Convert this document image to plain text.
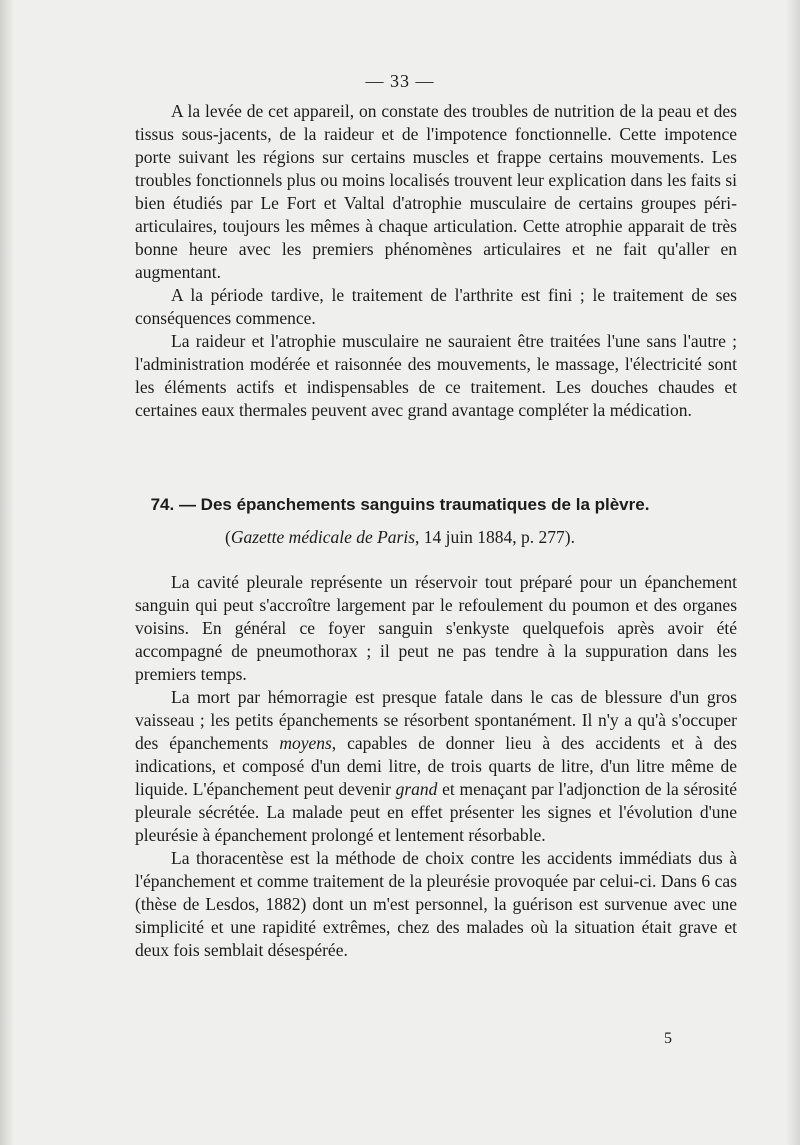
— 33 —

A la levée de cet appareil, on constate des troubles de nutrition de la peau et des tissus sous-jacents, de la raideur et de l'impotence fonctionnelle. Cette impotence porte suivant les régions sur certains muscles et frappe certains mouvements. Les troubles fonctionnels plus ou moins localisés trouvent leur explication dans les faits si bien étudiés par Le Fort et Valtal d'atrophie musculaire de certains groupes péri-articulaires, toujours les mêmes à chaque articulation. Cette atrophie apparait de très bonne heure avec les premiers phénomènes articulaires et ne fait qu'aller en augmentant.

A la période tardive, le traitement de l'arthrite est fini ; le traitement de ses conséquences commence.

La raideur et l'atrophie musculaire ne sauraient être traitées l'une sans l'autre ; l'administration modérée et raisonnée des mouvements, le massage, l'électricité sont les éléments actifs et indispensables de ce traitement. Les douches chaudes et certaines eaux thermales peuvent avec grand avantage compléter la médication.

74. — Des épanchements sanguins traumatiques de la plèvre.
(Gazette médicale de Paris, 14 juin 1884, p. 277).

La cavité pleurale représente un réservoir tout préparé pour un épanchement sanguin qui peut s'accroître largement par le refoulement du poumon et des organes voisins. En général ce foyer sanguin s'enkyste quelquefois après avoir été accompagné de pneumothorax ; il peut ne pas tendre à la suppuration dans les premiers temps.

La mort par hémorragie est presque fatale dans le cas de blessure d'un gros vaisseau ; les petits épanchements se résorbent spontanément. Il n'y a qu'à s'occuper des épanchements moyens, capables de donner lieu à des accidents et à des indications, et composé d'un demi litre, de trois quarts de litre, d'un litre même de liquide. L'épanchement peut devenir grand et menaçant par l'adjonction de la sérosité pleurale sécrétée. La malade peut en effet présenter les signes et l'évolution d'une pleurésie à épanchement prolongé et lentement résorbable.

La thoracentèse est la méthode de choix contre les accidents immédiats dus à l'épanchement et comme traitement de la pleurésie provoquée par celui-ci. Dans 6 cas (thèse de Lesdos, 1882) dont un m'est personnel, la guérison est survenue avec une simplicité et une rapidité extrêmes, chez des malades où la situation était grave et deux fois semblait désespérée.

5
